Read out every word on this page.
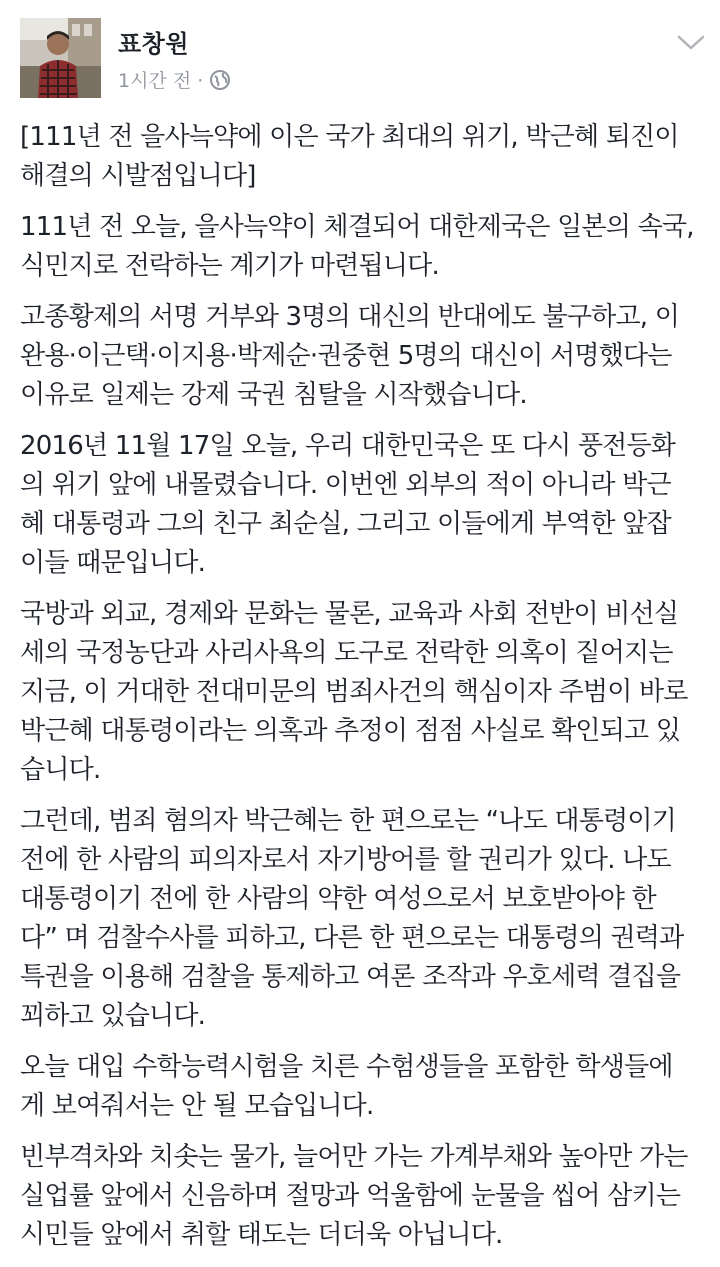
표창원
1시간 전 ·

[111년 전 을사늑약에 이은 국가 최대의 위기, 박근혜 퇴진이
해결의 시발점입니다]

111년 전 오늘, 을사늑약이 체결되어 대한제국은 일본의 속국,
식민지로 전락하는 계기가 마련됩니다.

고종황제의 서명 거부와 3명의 대신의 반대에도 불구하고, 이
완용·이근택·이지용·박제순·권중현 5명의 대신이 서명했다는
이유로 일제는 강제 국권 침탈을 시작했습니다.

2016년 11월 17일 오늘, 우리 대한민국은 또 다시 풍전등화
의 위기 앞에 내몰렸습니다. 이번엔 외부의 적이 아니라 박근
혜 대통령과 그의 친구 최순실, 그리고 이들에게 부역한 앞잡
이들 때문입니다.

국방과 외교, 경제와 문화는 물론, 교육과 사회 전반이 비선실
세의 국정농단과 사리사욕의 도구로 전락한 의혹이 짙어지는
지금, 이 거대한 전대미문의 범죄사건의 핵심이자 주범이 바로
박근혜 대통령이라는 의혹과 추정이 점점 사실로 확인되고 있
습니다.

그런데, 범죄 혐의자 박근혜는 한 편으로는 “나도 대통령이기
전에 한 사람의 피의자로서 자기방어를 할 권리가 있다. 나도
대통령이기 전에 한 사람의 약한 여성으로서 보호받아야 한
다” 며 검찰수사를 피하고, 다른 한 편으로는 대통령의 권력과
특권을 이용해 검찰을 통제하고 여론 조작과 우호세력 결집을
꾀하고 있습니다.

오늘 대입 수학능력시험을 치른 수험생들을 포함한 학생들에
게 보여줘서는 안 될 모습입니다.

빈부격차와 치솟는 물가, 늘어만 가는 가계부채와 높아만 가는
실업률 앞에서 신음하며 절망과 억울함에 눈물을 씹어 삼키는
시민들 앞에서 취할 태도는 더더욱 아닙니다.
